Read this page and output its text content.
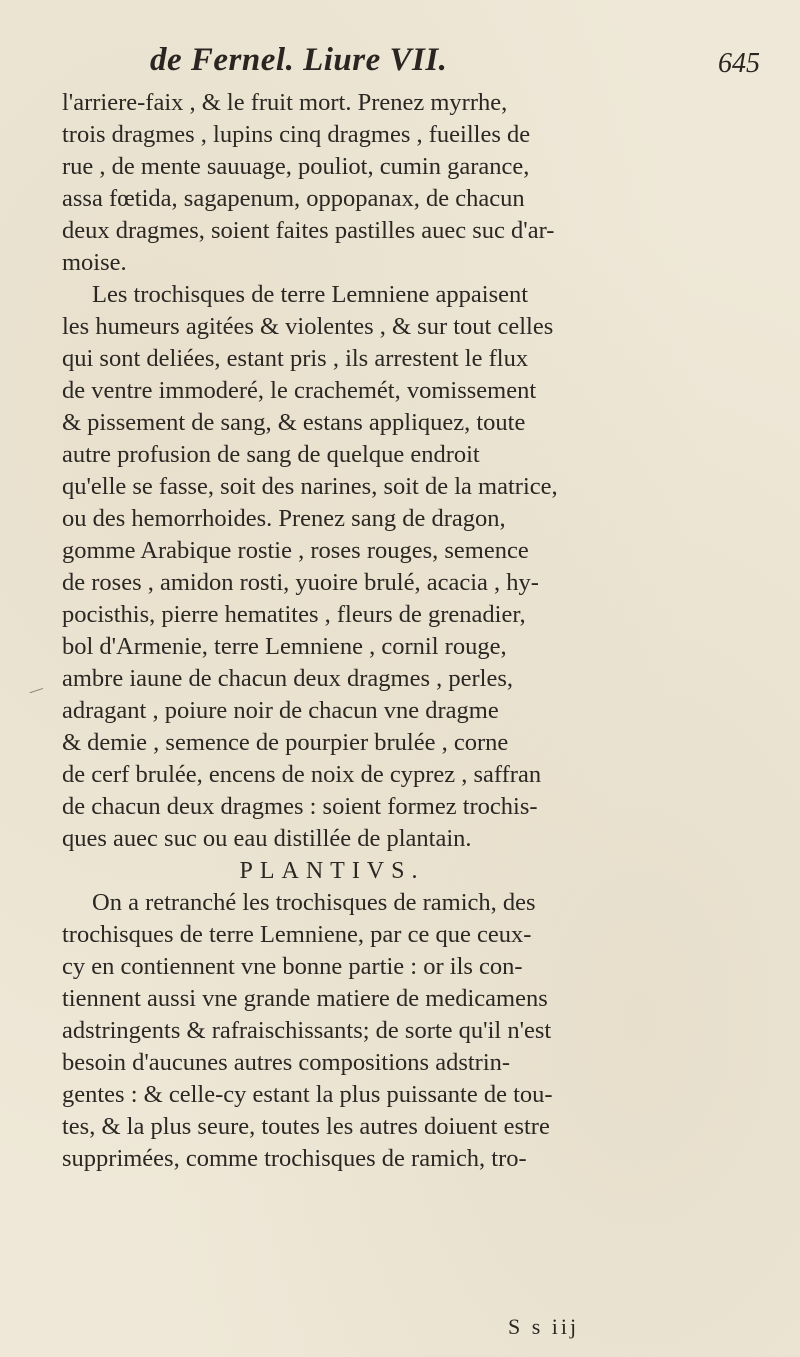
de Fernel. Liure VII.	645
l'arriere-faix , & le fruit mort. Prenez myrrhe,
trois dragmes , lupins cinq dragmes , fueilles de
rue , de mente sauuage, pouliot, cumin garance,
assa fœtida, sagapenum, oppopanax, de chacun
deux dragmes, soient faites pastilles auec suc d'ar-
moise.
Les trochisques de terre Lemniene appaisent
les humeurs agitées & violentes , & sur tout celles
qui sont deliées, estant pris , ils arrestent le flux
de ventre immoderé, le crachemét, vomissement
& pissement de sang, & estans appliquez, toute
autre profusion de sang de quelque endroit
qu'elle se fasse, soit des narines, soit de la matrice,
ou des hemorrhoides. Prenez sang de dragon,
gomme Arabique rostie , roses rouges, semence
de roses , amidon rosti, yuoire brulé, acacia , hy-
pocisthis, pierre hematites , fleurs de grenadier,
bol d'Armenie, terre Lemniene , cornil rouge,
ambre iaune de chacun deux dragmes , perles,
adragant , poiure noir de chacun vne dragme
& demie , semence de pourpier brulée , corne
de cerf brulée, encens de noix de cyprez , saffran
de chacun deux dragmes : soient formez trochis-
ques auec suc ou eau distillée de plantain.
PLANTIVS.
On a retranché les trochisques de ramich, des
trochisques de terre Lemniene, par ce que ceux-
cy en contiennent vne bonne partie : or ils con-
tiennent aussi vne grande matiere de medicamens
adstringents & rafraischissants; de sorte qu'il n'est
besoin d'aucunes autres compositions adstrin-
gentes : & celle-cy estant la plus puissante de tou-
tes, & la plus seure, toutes les autres doiuent estre
supprimées, comme trochisques de ramich, tro-
S s iij
